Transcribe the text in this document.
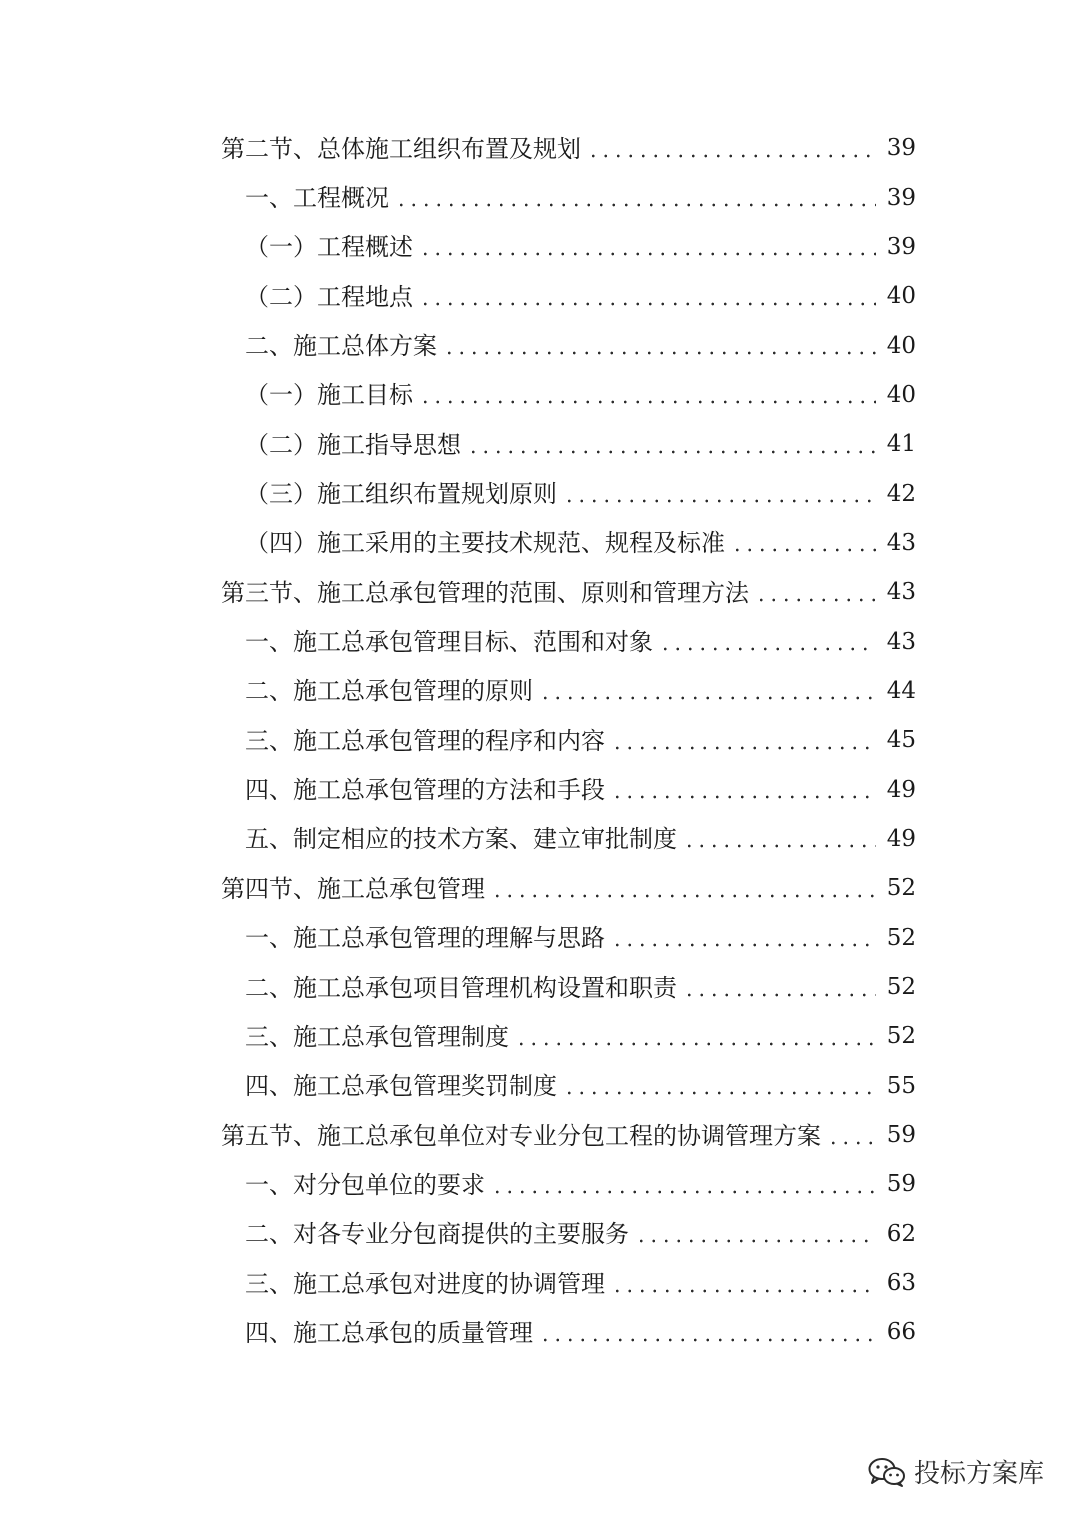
第二节、总体施工组织布置及规划	39
一、工程概况	39
（一）工程概述	39
（二）工程地点	40
二、施工总体方案	40
（一）施工目标	40
（二）施工指导思想	41
（三）施工组织布置规划原则	42
（四）施工采用的主要技术规范、规程及标准	43
第三节、施工总承包管理的范围、原则和管理方法	43
一、施工总承包管理目标、范围和对象	43
二、施工总承包管理的原则	44
三、施工总承包管理的程序和内容	45
四、施工总承包管理的方法和手段	49
五、制定相应的技术方案、建立审批制度	49
第四节、施工总承包管理	52
一、施工总承包管理的理解与思路	52
二、施工总承包项目管理机构设置和职责	52
三、施工总承包管理制度	52
四、施工总承包管理奖罚制度	55
第五节、施工总承包单位对专业分包工程的协调管理方案	59
一、对分包单位的要求	59
二、对各专业分包商提供的主要服务	62
三、施工总承包对进度的协调管理	63
四、施工总承包的质量管理	66
投标方案库
